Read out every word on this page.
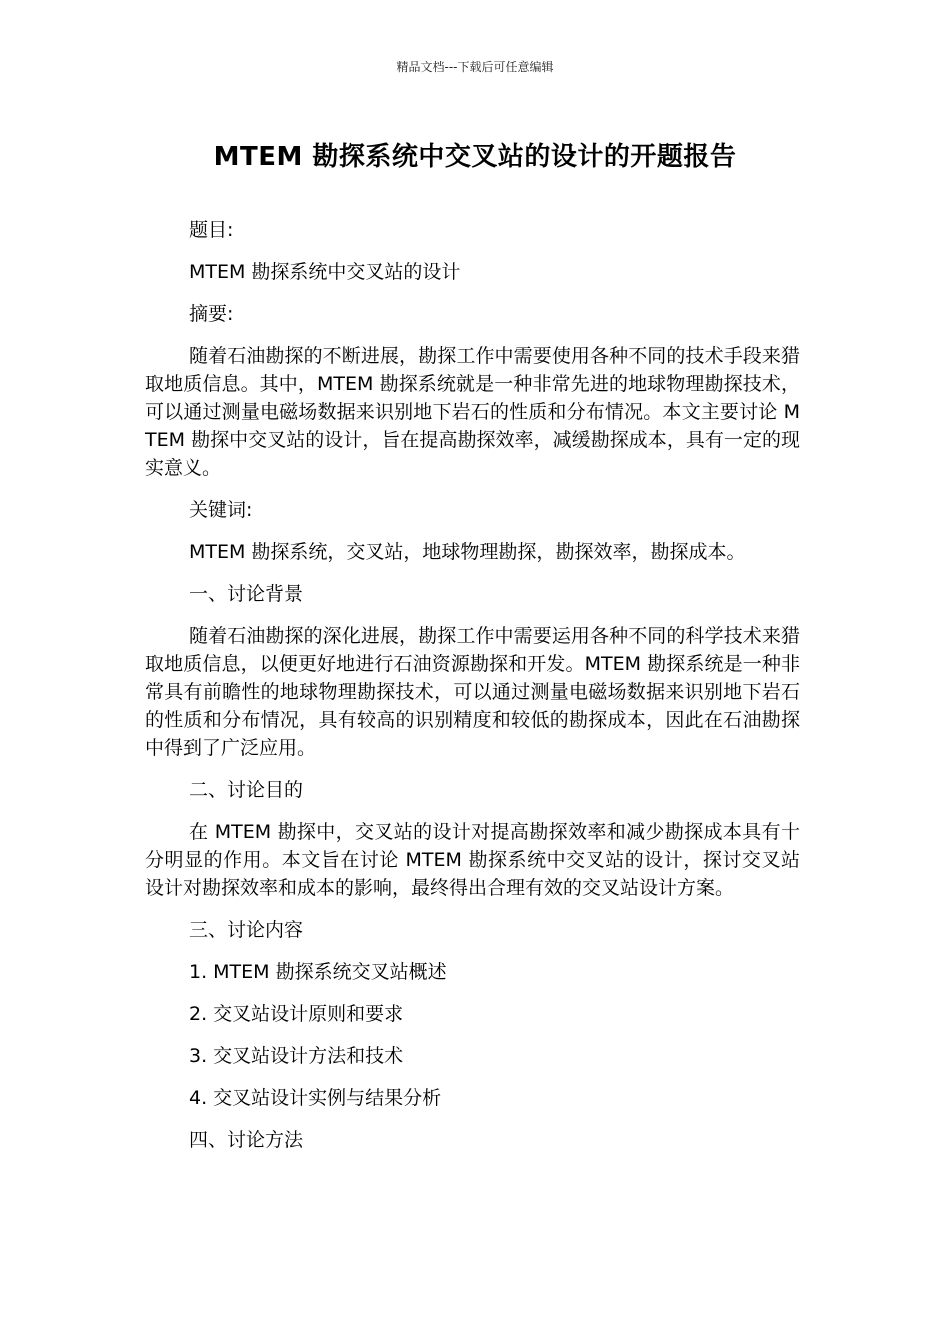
精品文档---下载后可任意编辑
MTEM 勘探系统中交叉站的设计的开题报告

题目:

MTEM 勘探系统中交叉站的设计

摘要:

随着石油勘探的不断进展，勘探工作中需要使用各种不同的技术手段来猎取地质信息。其中，MTEM 勘探系统就是一种非常先进的地球物理勘探技术，可以通过测量电磁场数据来识别地下岩石的性质和分布情况。本文主要讨论 MTEM 勘探中交叉站的设计，旨在提高勘探效率，减缓勘探成本，具有一定的现实意义。

关键词:

MTEM 勘探系统，交叉站，地球物理勘探，勘探效率，勘探成本。

一、讨论背景

随着石油勘探的深化进展，勘探工作中需要运用各种不同的科学技术来猎取地质信息，以便更好地进行石油资源勘探和开发。MTEM 勘探系统是一种非常具有前瞻性的地球物理勘探技术，可以通过测量电磁场数据来识别地下岩石的性质和分布情况，具有较高的识别精度和较低的勘探成本，因此在石油勘探中得到了广泛应用。

二、讨论目的

在 MTEM 勘探中，交叉站的设计对提高勘探效率和减少勘探成本具有十分明显的作用。本文旨在讨论 MTEM 勘探系统中交叉站的设计，探讨交叉站设计对勘探效率和成本的影响，最终得出合理有效的交叉站设计方案。

三、讨论内容

1. MTEM 勘探系统交叉站概述

2. 交叉站设计原则和要求

3. 交叉站设计方法和技术

4. 交叉站设计实例与结果分析

四、讨论方法
